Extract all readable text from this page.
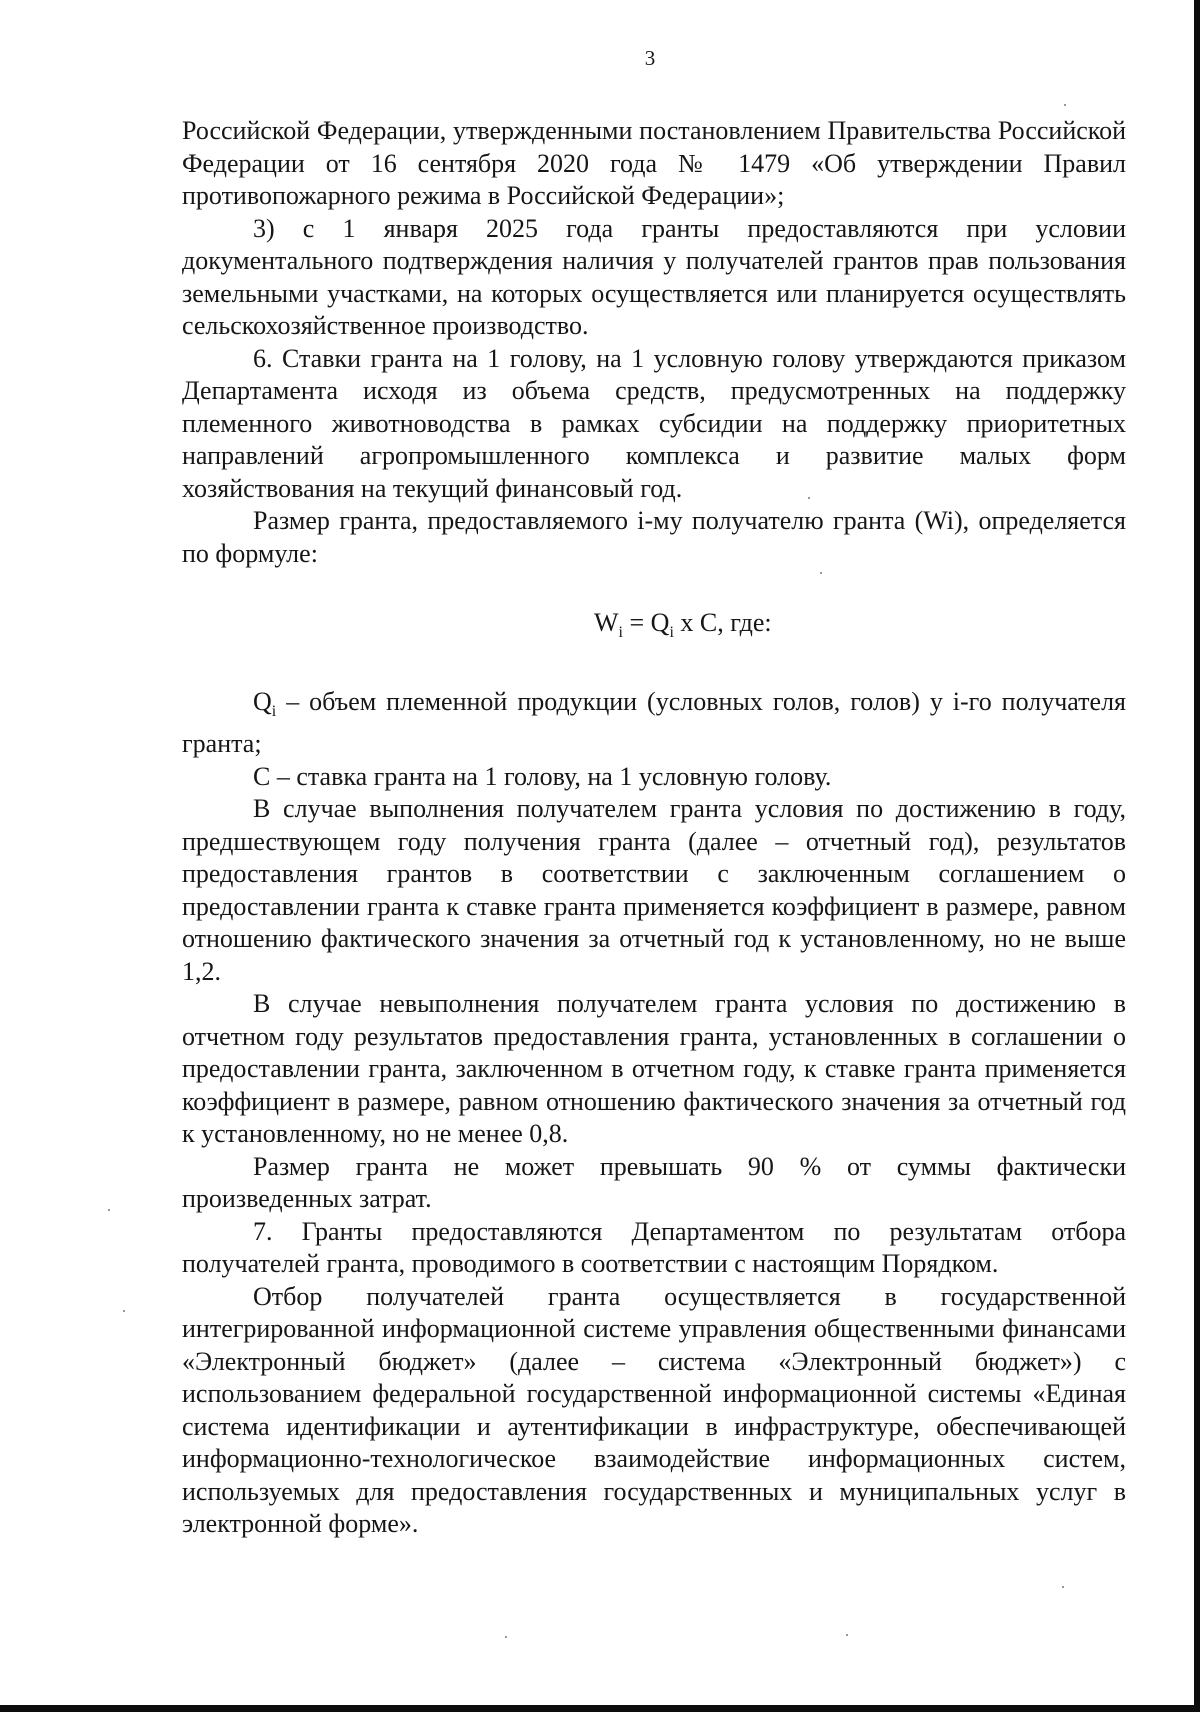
3

Российской Федерации, утвержденными постановлением Правительства Российской Федерации от 16 сентября 2020 года № 1479 «Об утверждении Правил противопожарного режима в Российской Федерации»;

3) с 1 января 2025 года гранты предоставляются при условии документального подтверждения наличия у получателей грантов прав пользования земельными участками, на которых осуществляется или планируется осуществлять сельскохозяйственное производство.

6. Ставки гранта на 1 голову, на 1 условную голову утверждаются приказом Департамента исходя из объема средств, предусмотренных на поддержку племенного животноводства в рамках субсидии на поддержку приоритетных направлений агропромышленного комплекса и развитие малых форм хозяйствования на текущий финансовый год.

Размер гранта, предоставляемого i-му получателю гранта (Wi), определяется по формуле:

$W_i = Q_i$ x C, где:

$Q_i$ – объем племенной продукции (условных голов, голов) у i-го получателя гранта;

C – ставка гранта на 1 голову, на 1 условную голову.

В случае выполнения получателем гранта условия по достижению в году, предшествующем году получения гранта (далее – отчетный год), результатов предоставления грантов в соответствии с заключенным соглашением о предоставлении гранта к ставке гранта применяется коэффициент в размере, равном отношению фактического значения за отчетный год к установленному, но не выше 1,2.

В случае невыполнения получателем гранта условия по достижению в отчетном году результатов предоставления гранта, установленных в соглашении о предоставлении гранта, заключенном в отчетном году, к ставке гранта применяется коэффициент в размере, равном отношению фактического значения за отчетный год к установленному, но не менее 0,8.

Размер гранта не может превышать 90 % от суммы фактически произведенных затрат.

7. Гранты предоставляются Департаментом по результатам отбора получателей гранта, проводимого в соответствии с настоящим Порядком.

Отбор получателей гранта осуществляется в государственной интегрированной информационной системе управления общественными финансами «Электронный бюджет» (далее – система «Электронный бюджет») с использованием федеральной государственной информационной системы «Единая система идентификации и аутентификации в инфраструктуре, обеспечивающей информационно-технологическое взаимодействие информационных систем, используемых для предоставления государственных и муниципальных услуг в электронной форме».
